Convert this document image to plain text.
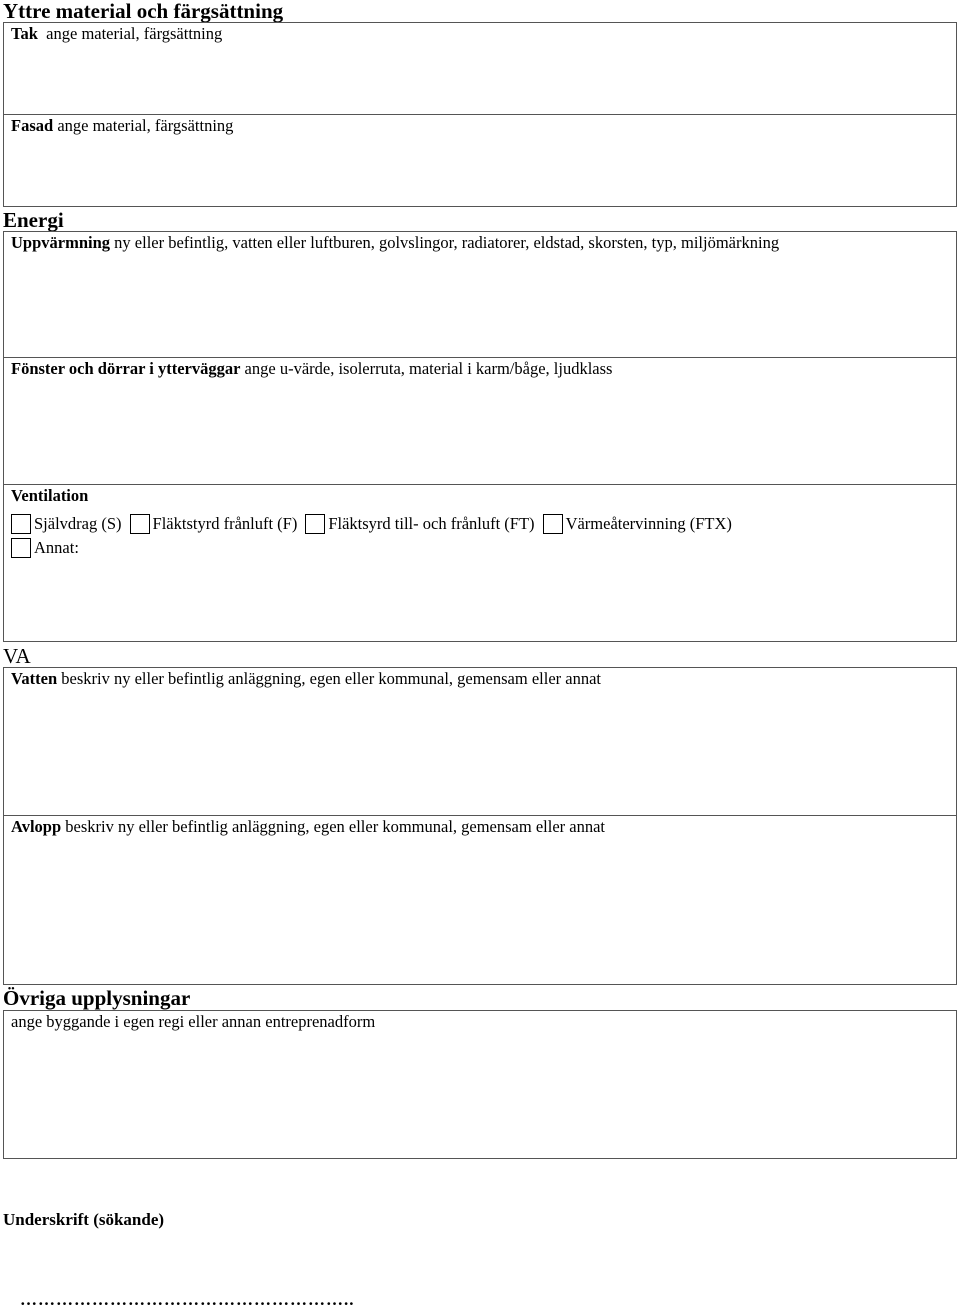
Yttre material och färgsättning
Tak ange material, färgsättning
Fasad ange material, färgsättning
Energi
Uppvärmning ny eller befintlig, vatten eller luftburen, golvslingor, radiatorer, eldstad, skorsten, typ, miljömärkning
Fönster och dörrar i ytterväggar ange u-värde, isolerruta, material i karm/båge, ljudklass
Ventilation
Självdrag (S) Fläktstyrd frånluft (F) Fläktsyrd till- och frånluft (FT) Värmeåtervinning (FTX)
Annat:
VA
Vatten beskriv ny eller befintlig anläggning, egen eller kommunal, gemensam eller annat
Avlopp beskriv ny eller befintlig anläggning, egen eller kommunal, gemensam eller annat
Övriga upplysningar
ange byggande i egen regi eller annan entreprenadform
Underskrift (sökande)
………………………………………………..
